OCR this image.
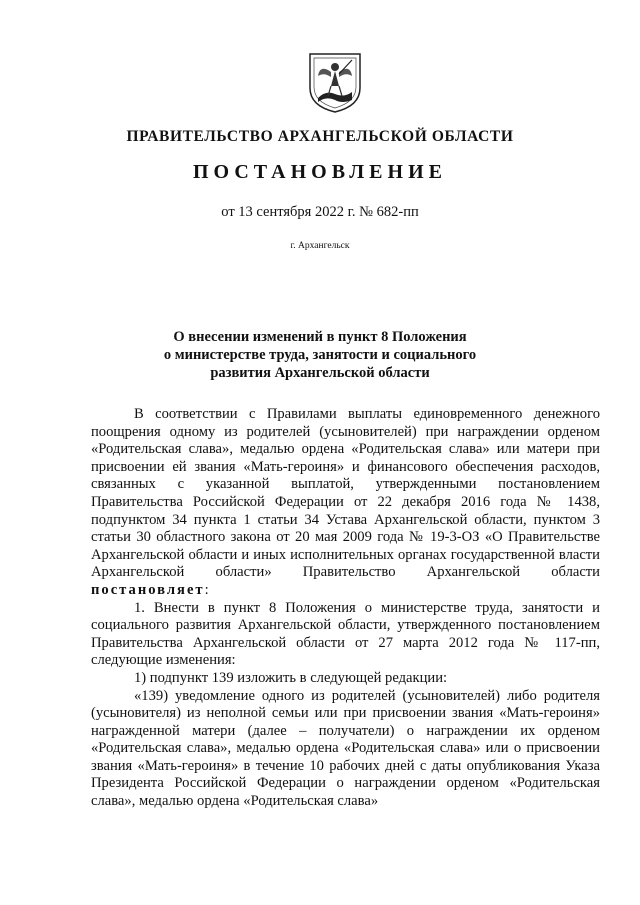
ПРАВИТЕЛЬСТВО АРХАНГЕЛЬСКОЙ ОБЛАСТИ
ПОСТАНОВЛЕНИЕ
от 13 сентября 2022 г. № 682-пп
г. Архангельск
О внесении изменений в пункт 8 Положения
о министерстве труда, занятости и социального
развития Архангельской области

В соответствии с Правилами выплаты единовременного денежного поощрения одному из родителей (усыновителей) при награждении орденом «Родительская слава», медалью ордена «Родительская слава» или матери при присвоении ей звания «Мать-героиня» и финансового обеспечения расходов, связанных с указанной выплатой, утвержденными постановлением Правительства Российской Федерации от 22 декабря 2016 года № 1438, подпунктом 34 пункта 1 статьи 34 Устава Архангельской области, пунктом 3 статьи 30 областного закона от 20 мая 2009 года № 19-3-ОЗ «О Правительстве Архангельской области и иных исполнительных органах государственной власти Архангельской области» Правительство Архангельской области постановляет:

1. Внести в пункт 8 Положения о министерстве труда, занятости и социального развития Архангельской области, утвержденного постановлением Правительства Архангельской области от 27 марта 2012 года № 117-пп, следующие изменения:

1) подпункт 139 изложить в следующей редакции:

«139) уведомление одного из родителей (усыновителей) либо родителя (усыновителя) из неполной семьи или при присвоении звания «Мать-героиня» награжденной матери (далее – получатели) о награждении их орденом «Родительская слава», медалью ордена «Родительская слава» или о присвоении звания «Мать-героиня» в течение 10 рабочих дней с даты опубликования Указа Президента Российской Федерации о награждении орденом «Родительская слава», медалью ордена «Родительская слава»
